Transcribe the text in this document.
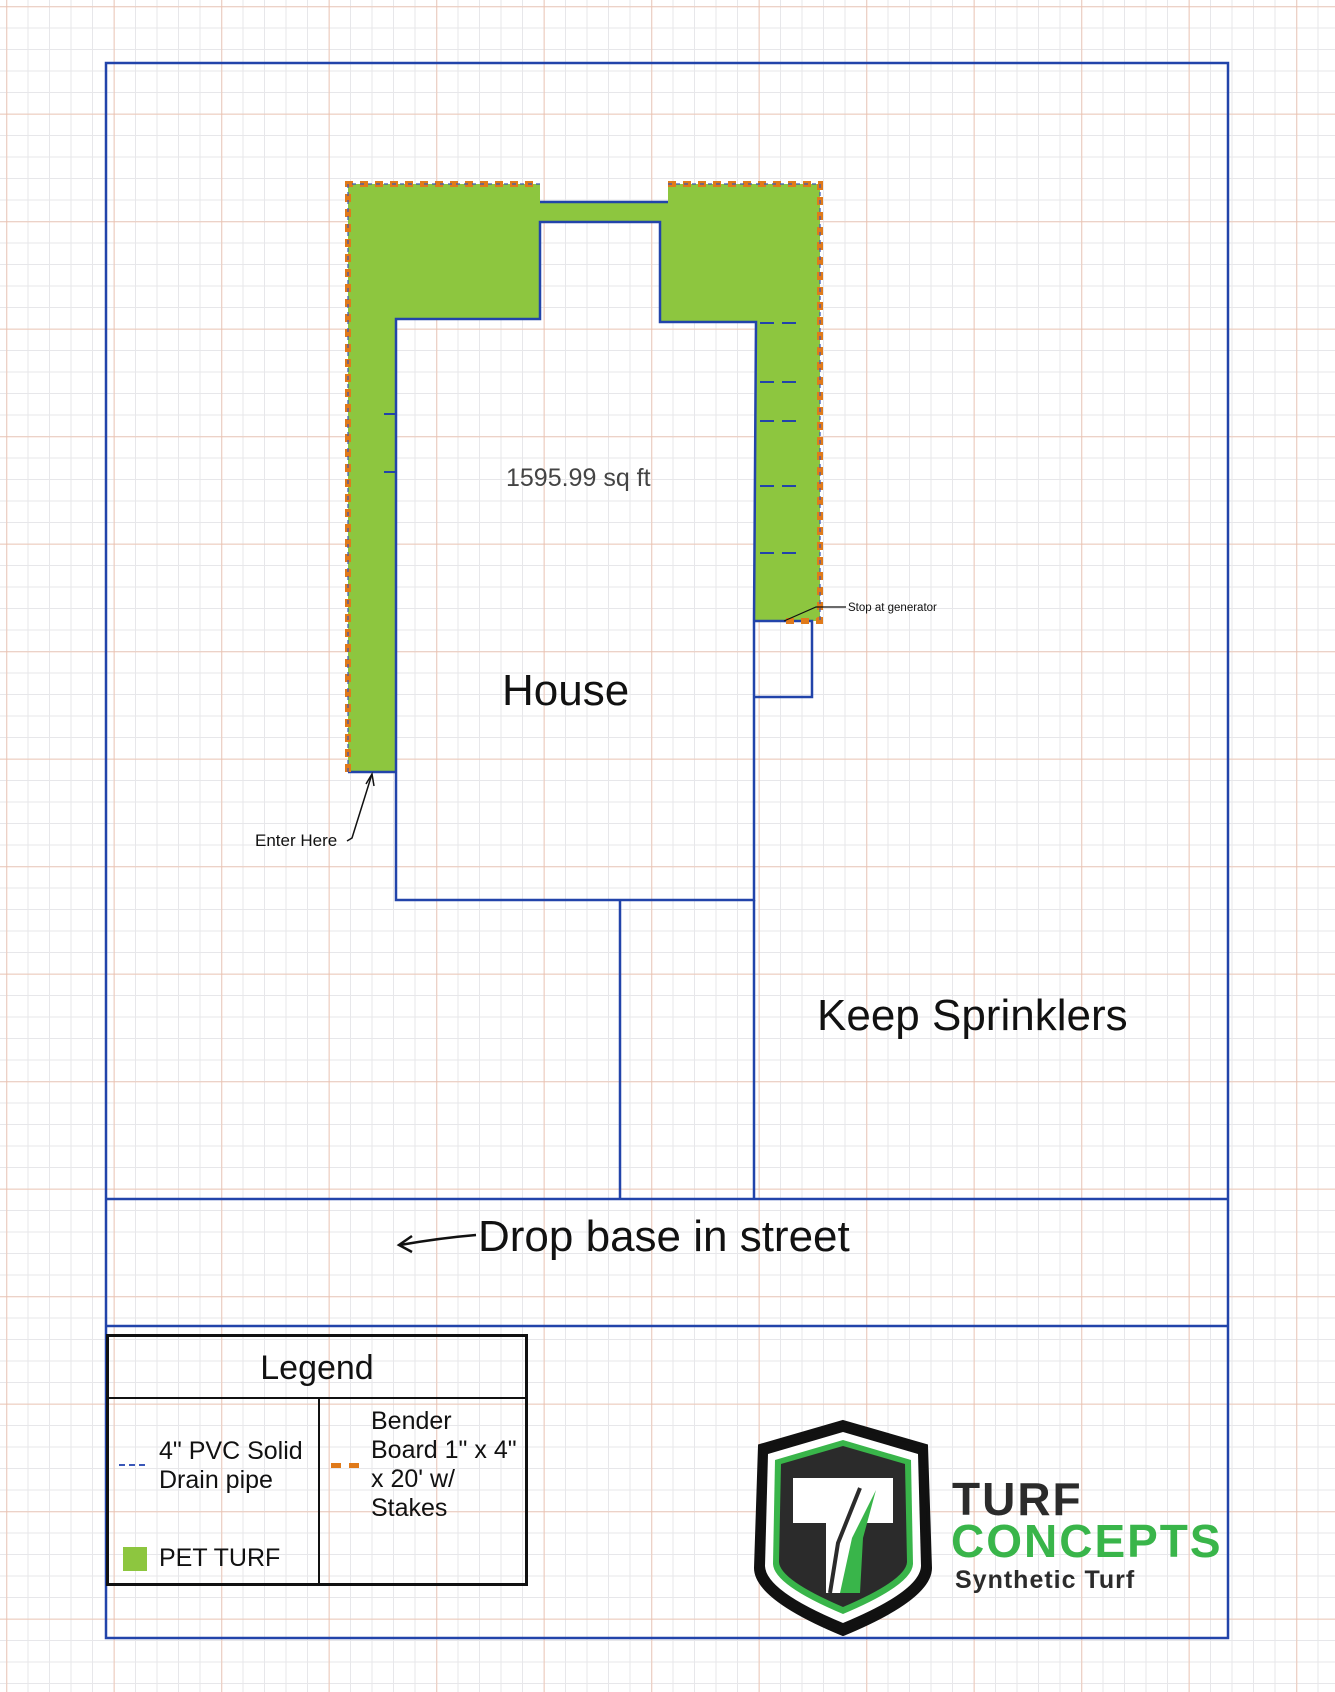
1595.99 sq ft
House
Keep Sprinklers
Drop base in street
Enter Here
Stop at generator
Legend
4" PVC Solid
Drain pipe
Bender
Board 1" x 4"
x 20' w/
Stakes
PET TURF
TURF
CONCEPTS
Synthetic Turf
